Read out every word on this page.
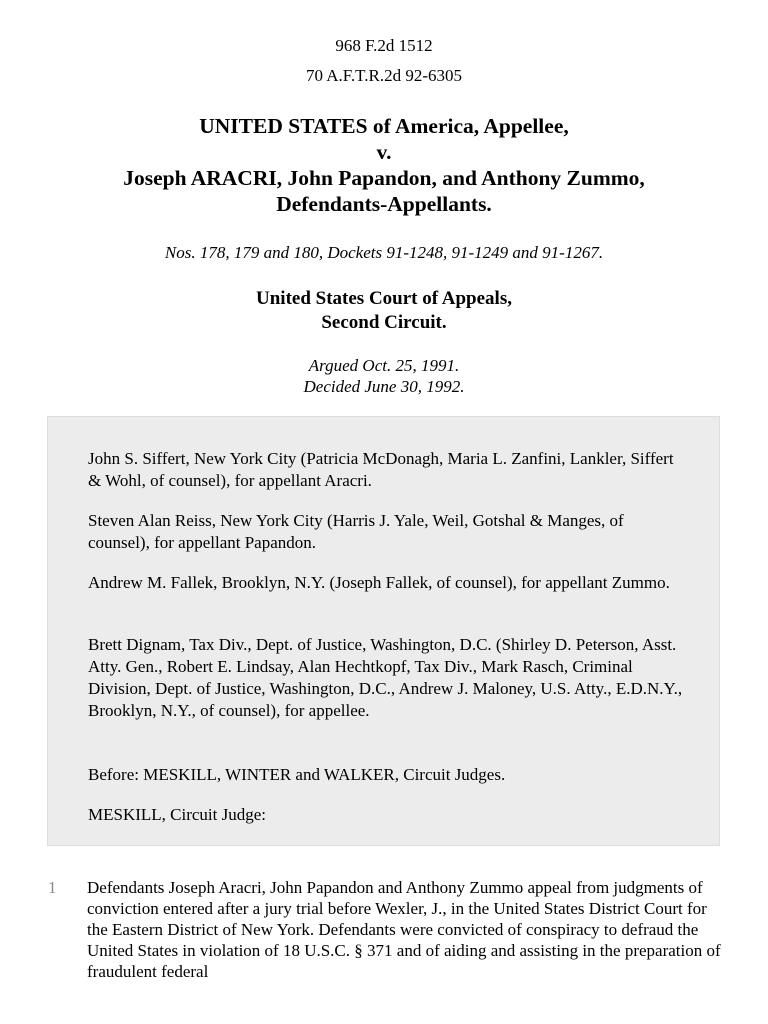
968 F.2d 1512
70 A.F.T.R.2d 92-6305
UNITED STATES of America, Appellee,
v.
Joseph ARACRI, John Papandon, and Anthony Zummo,
Defendants-Appellants.
Nos. 178, 179 and 180, Dockets 91-1248, 91-1249 and 91-1267.
United States Court of Appeals,
Second Circuit.
Argued Oct. 25, 1991.
Decided June 30, 1992.
John S. Siffert, New York City (Patricia McDonagh, Maria L. Zanfini, Lankler, Siffert & Wohl, of counsel), for appellant Aracri.
Steven Alan Reiss, New York City (Harris J. Yale, Weil, Gotshal & Manges, of counsel), for appellant Papandon.
Andrew M. Fallek, Brooklyn, N.Y. (Joseph Fallek, of counsel), for appellant Zummo.
Brett Dignam, Tax Div., Dept. of Justice, Washington, D.C. (Shirley D. Peterson, Asst. Atty. Gen., Robert E. Lindsay, Alan Hechtkopf, Tax Div., Mark Rasch, Criminal Division, Dept. of Justice, Washington, D.C., Andrew J. Maloney, U.S. Atty., E.D.N.Y., Brooklyn, N.Y., of counsel), for appellee.
Before: MESKILL, WINTER and WALKER, Circuit Judges.
MESKILL, Circuit Judge:
1 Defendants Joseph Aracri, John Papandon and Anthony Zummo appeal from judgments of conviction entered after a jury trial before Wexler, J., in the United States District Court for the Eastern District of New York. Defendants were convicted of conspiracy to defraud the United States in violation of 18 U.S.C. § 371 and of aiding and assisting in the preparation of fraudulent federal
